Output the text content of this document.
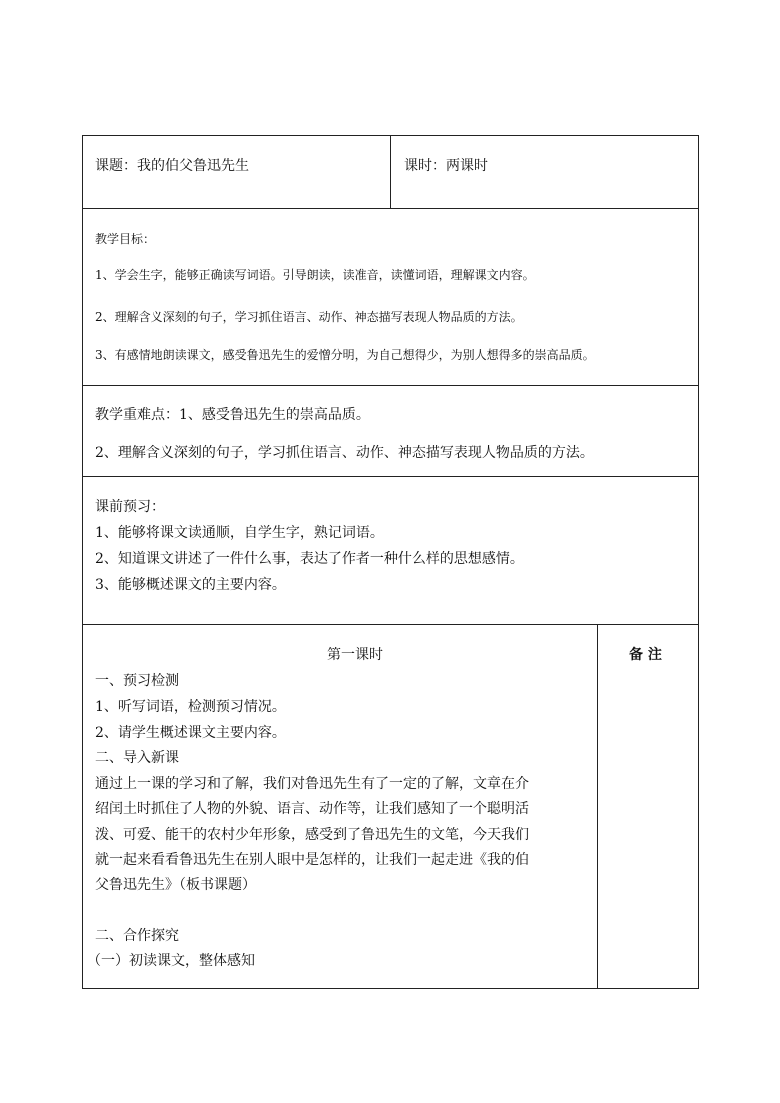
课题：我的伯父鲁迅先生	课时：两课时
教学目标：
1、学会生字，能够正确读写词语。引导朗读，读准音，读懂词语，理解课文内容。
2、理解含义深刻的句子，学习抓住语言、动作、神态描写表现人物品质的方法。
3、有感情地朗读课文，感受鲁迅先生的爱憎分明，为自己想得少，为别人想得多的崇高品质。
教学重难点：1、感受鲁迅先生的崇高品质。
2、理解含义深刻的句子，学习抓住语言、动作、神态描写表现人物品质的方法。
课前预习：
1、能够将课文读通顺，自学生字，熟记词语。
2、知道课文讲述了一件什么事，表达了作者一种什么样的思想感情。
3、能够概述课文的主要内容。
第一课时	备 注
一、预习检测
1、听写词语，检测预习情况。
2、请学生概述课文主要内容。
二、导入新课
通过上一课的学习和了解，我们对鲁迅先生有了一定的了解，文章在介
绍闰土时抓住了人物的外貌、语言、动作等，让我们感知了一个聪明活
泼、可爱、能干的农村少年形象，感受到了鲁迅先生的文笔，今天我们
就一起来看看鲁迅先生在别人眼中是怎样的，让我们一起走进《我的伯
父鲁迅先生》（板书课题）
二、合作探究
（一）初读课文，整体感知
